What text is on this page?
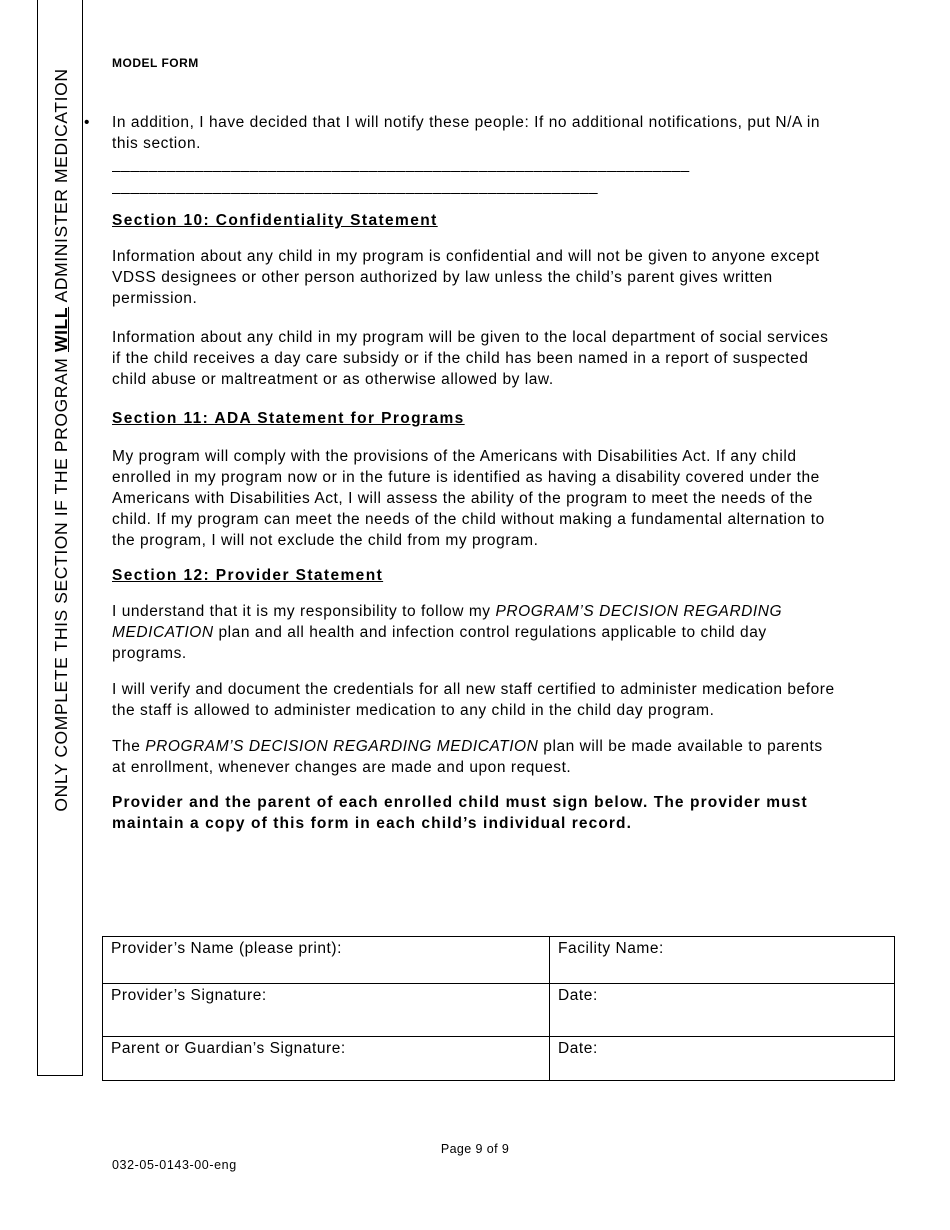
ONLY COMPLETE THIS SECTION IF THE PROGRAM WILL ADMINISTER MEDICATION
MODEL FORM
• In addition, I have decided that I will notify these people: If no additional notifications, put N/A in this section.

_______________________________________________________________
_____________________________________________________

Section 10: Confidentiality Statement

Information about any child in my program is confidential and will not be given to anyone except VDSS designees or other person authorized by law unless the child’s parent gives written permission.

Information about any child in my program will be given to the local department of social services if the child receives a day care subsidy or if the child has been named in a report of suspected child abuse or maltreatment or as otherwise allowed by law.

Section 11: ADA Statement for Programs

My program will comply with the provisions of the Americans with Disabilities Act. If any child enrolled in my program now or in the future is identified as having a disability covered under the Americans with Disabilities Act, I will assess the ability of the program to meet the needs of the child. If my program can meet the needs of the child without making a fundamental alternation to the program, I will not exclude the child from my program.

Section 12: Provider Statement

I understand that it is my responsibility to follow my PROGRAM’S DECISION REGARDING MEDICATION plan and all health and infection control regulations applicable to child day programs.

I will verify and document the credentials for all new staff certified to administer medication before the staff is allowed to administer medication to any child in the child day program.

The PROGRAM’S DECISION REGARDING MEDICATION plan will be made available to parents at enrollment, whenever changes are made and upon request.

Provider and the parent of each enrolled child must sign below. The provider must maintain a copy of this form in each child’s individual record.

Provider’s Name (please print):	Facility Name:
Provider’s Signature:	Date:
Parent or Guardian’s Signature:	Date:
Page 9 of 9
032-05-0143-00-eng
